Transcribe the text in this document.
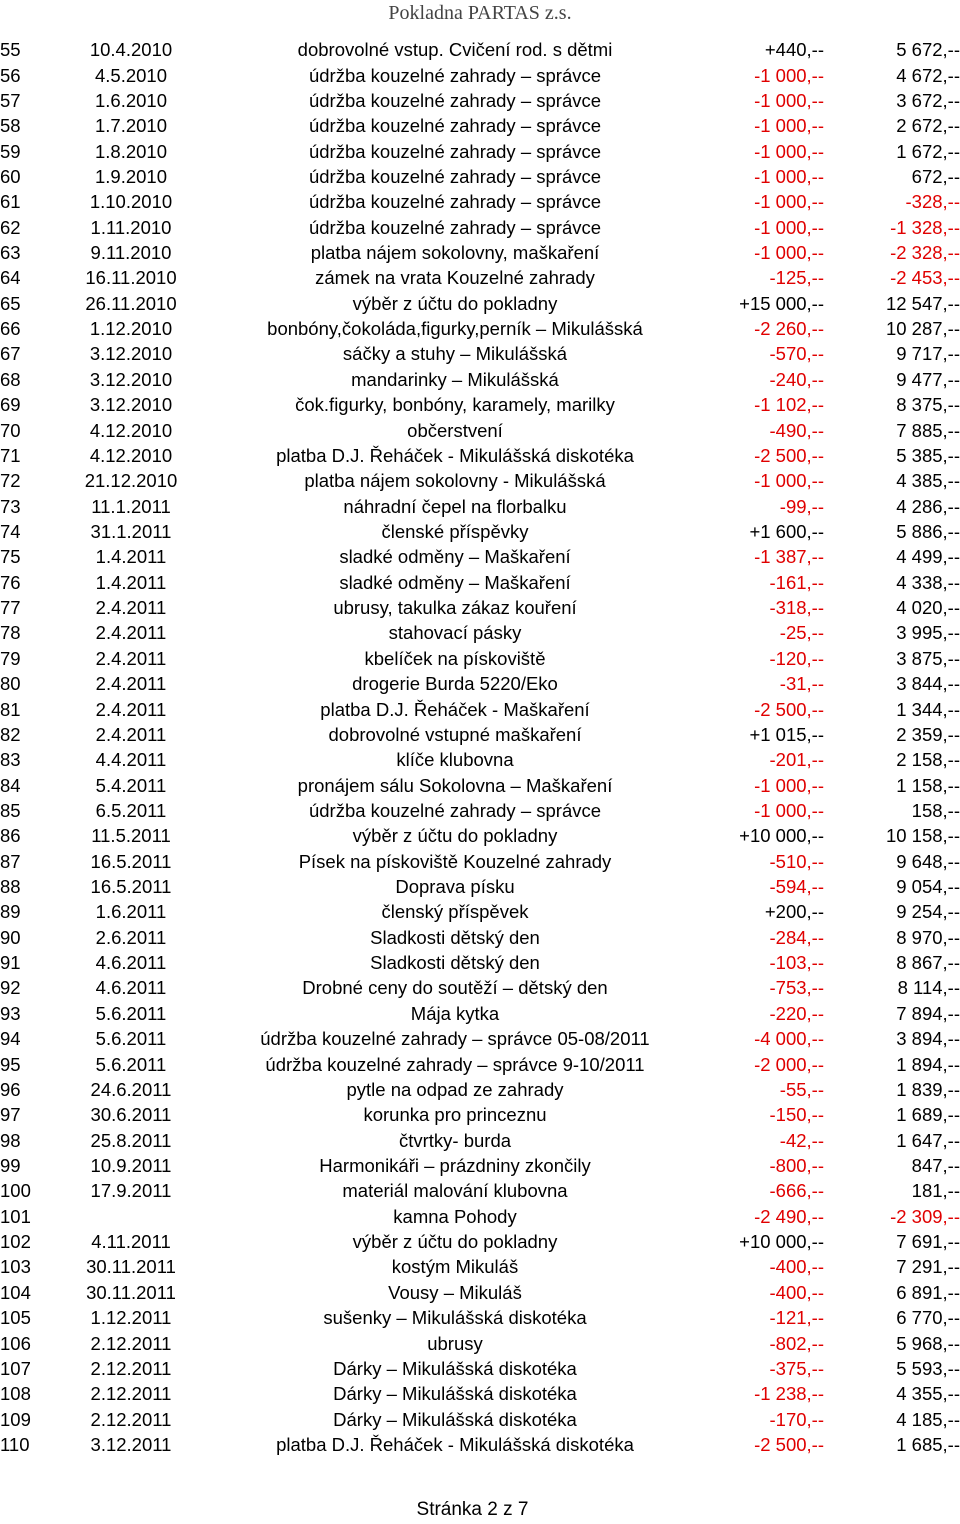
Pokladna PARTAS z.s.
55	10.4.2010	dobrovolné vstup. Cvičení rod. s dětmi	+440,--	5 672,--
56	4.5.2010	údržba kouzelné zahrady – správce	-1 000,--	4 672,--
57	1.6.2010	údržba kouzelné zahrady – správce	-1 000,--	3 672,--
58	1.7.2010	údržba kouzelné zahrady – správce	-1 000,--	2 672,--
59	1.8.2010	údržba kouzelné zahrady – správce	-1 000,--	1 672,--
60	1.9.2010	údržba kouzelné zahrady – správce	-1 000,--	672,--
61	1.10.2010	údržba kouzelné zahrady – správce	-1 000,--	-328,--
62	1.11.2010	údržba kouzelné zahrady – správce	-1 000,--	-1 328,--
63	9.11.2010	platba nájem sokolovny, maškaření	-1 000,--	-2 328,--
64	16.11.2010	zámek na vrata Kouzelné zahrady	-125,--	-2 453,--
65	26.11.2010	výběr z účtu do pokladny	+15 000,--	12 547,--
66	1.12.2010	bonbóny,čokoláda,figurky,perník – Mikulášská	-2 260,--	10 287,--
67	3.12.2010	sáčky a stuhy – Mikulášská	-570,--	9 717,--
68	3.12.2010	mandarinky – Mikulášská	-240,--	9 477,--
69	3.12.2010	čok.figurky, bonbóny, karamely, marilky	-1 102,--	8 375,--
70	4.12.2010	občerstvení	-490,--	7 885,--
71	4.12.2010	platba D.J. Řeháček - Mikulášská diskotéka	-2 500,--	5 385,--
72	21.12.2010	platba nájem sokolovny - Mikulášská	-1 000,--	4 385,--
73	11.1.2011	náhradní čepel na florbalku	-99,--	4 286,--
74	31.1.2011	členské příspěvky	+1 600,--	5 886,--
75	1.4.2011	sladké odměny – Maškaření	-1 387,--	4 499,--
76	1.4.2011	sladké odměny – Maškaření	-161,--	4 338,--
77	2.4.2011	ubrusy, takulka zákaz kouření	-318,--	4 020,--
78	2.4.2011	stahovací pásky	-25,--	3 995,--
79	2.4.2011	kbelíček na pískoviště	-120,--	3 875,--
80	2.4.2011	drogerie Burda 5220/Eko	-31,--	3 844,--
81	2.4.2011	platba D.J. Řeháček - Maškaření	-2 500,--	1 344,--
82	2.4.2011	dobrovolné vstupné maškaření	+1 015,--	2 359,--
83	4.4.2011	klíče klubovna	-201,--	2 158,--
84	5.4.2011	pronájem sálu Sokolovna – Maškaření	-1 000,--	1 158,--
85	6.5.2011	údržba kouzelné zahrady – správce	-1 000,--	158,--
86	11.5.2011	výběr z účtu do pokladny	+10 000,--	10 158,--
87	16.5.2011	Písek na pískoviště Kouzelné zahrady	-510,--	9 648,--
88	16.5.2011	Doprava písku	-594,--	9 054,--
89	1.6.2011	členský příspěvek	+200,--	9 254,--
90	2.6.2011	Sladkosti dětský den	-284,--	8 970,--
91	4.6.2011	Sladkosti dětský den	-103,--	8 867,--
92	4.6.2011	Drobné ceny do soutěží – dětský den	-753,--	8 114,--
93	5.6.2011	Mája kytka	-220,--	7 894,--
94	5.6.2011	údržba kouzelné zahrady – správce 05-08/2011	-4 000,--	3 894,--
95	5.6.2011	údržba kouzelné zahrady – správce 9-10/2011	-2 000,--	1 894,--
96	24.6.2011	pytle na odpad ze zahrady	-55,--	1 839,--
97	30.6.2011	korunka pro princeznu	-150,--	1 689,--
98	25.8.2011	čtvrtky- burda	-42,--	1 647,--
99	10.9.2011	Harmonikáři – prázdniny zkončily	-800,--	847,--
100	17.9.2011	materiál malování klubovna	-666,--	181,--
101		kamna Pohody	-2 490,--	-2 309,--
102	4.11.2011	výběr z účtu do pokladny	+10 000,--	7 691,--
103	30.11.2011	kostým Mikuláš	-400,--	7 291,--
104	30.11.2011	Vousy – Mikuláš	-400,--	6 891,--
105	1.12.2011	sušenky – Mikulášská diskotéka	-121,--	6 770,--
106	2.12.2011	ubrusy	-802,--	5 968,--
107	2.12.2011	Dárky – Mikulášská diskotéka	-375,--	5 593,--
108	2.12.2011	Dárky – Mikulášská diskotéka	-1 238,--	4 355,--
109	2.12.2011	Dárky – Mikulášská diskotéka	-170,--	4 185,--
110	3.12.2011	platba D.J. Řeháček - Mikulášská diskotéka	-2 500,--	1 685,--
Stránka 2 z 7
